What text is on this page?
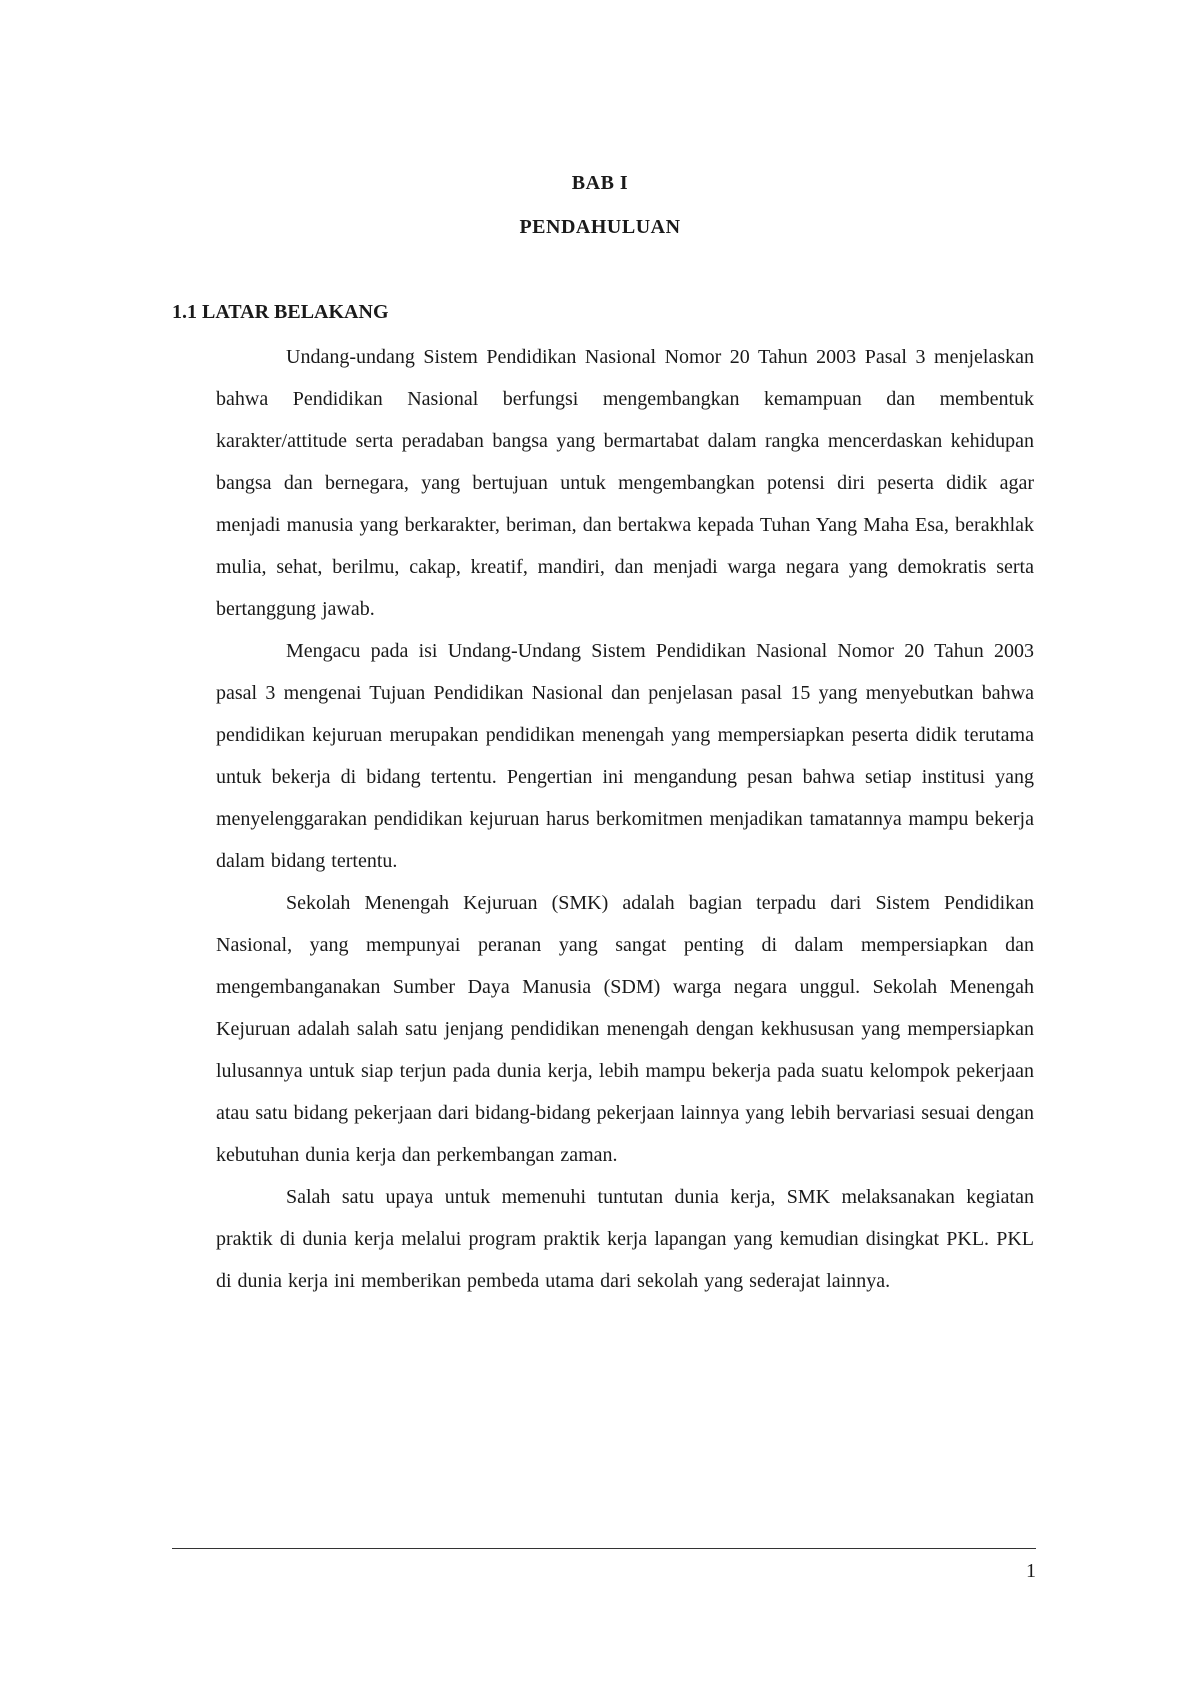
BAB I
PENDAHULUAN
1.1 LATAR BELAKANG

Undang-undang Sistem Pendidikan Nasional Nomor 20 Tahun 2003 Pasal 3 menjelaskan bahwa Pendidikan Nasional berfungsi mengembangkan kemampuan dan membentuk karakter/attitude serta peradaban bangsa yang bermartabat dalam rangka mencerdaskan kehidupan bangsa dan bernegara, yang bertujuan untuk mengembangkan potensi diri peserta didik agar menjadi manusia yang berkarakter, beriman, dan bertakwa kepada Tuhan Yang Maha Esa, berakhlak mulia, sehat, berilmu, cakap, kreatif, mandiri, dan menjadi warga negara yang demokratis serta bertanggung jawab.

Mengacu pada isi Undang-Undang Sistem Pendidikan Nasional Nomor 20 Tahun 2003 pasal 3 mengenai Tujuan Pendidikan Nasional dan penjelasan pasal 15 yang menyebutkan bahwa pendidikan kejuruan merupakan pendidikan menengah yang mempersiapkan peserta didik terutama untuk bekerja di bidang tertentu. Pengertian ini mengandung pesan bahwa setiap institusi yang menyelenggarakan pendidikan kejuruan harus berkomitmen menjadikan tamatannya mampu bekerja dalam bidang tertentu.

Sekolah Menengah Kejuruan (SMK) adalah bagian terpadu dari Sistem Pendidikan Nasional, yang mempunyai peranan yang sangat penting di dalam mempersiapkan dan mengembanganakan Sumber Daya Manusia (SDM) warga negara unggul. Sekolah Menengah Kejuruan adalah salah satu jenjang pendidikan menengah dengan kekhususan yang mempersiapkan lulusannya untuk siap terjun pada dunia kerja, lebih mampu bekerja pada suatu kelompok pekerjaan atau satu bidang pekerjaan dari bidang-bidang pekerjaan lainnya yang lebih bervariasi sesuai dengan kebutuhan dunia kerja dan perkembangan zaman.

Salah satu upaya untuk memenuhi tuntutan dunia kerja, SMK melaksanakan kegiatan praktik di dunia kerja melalui program praktik kerja lapangan yang kemudian disingkat PKL. PKL di dunia kerja ini memberikan pembeda utama dari sekolah yang sederajat lainnya.

1
